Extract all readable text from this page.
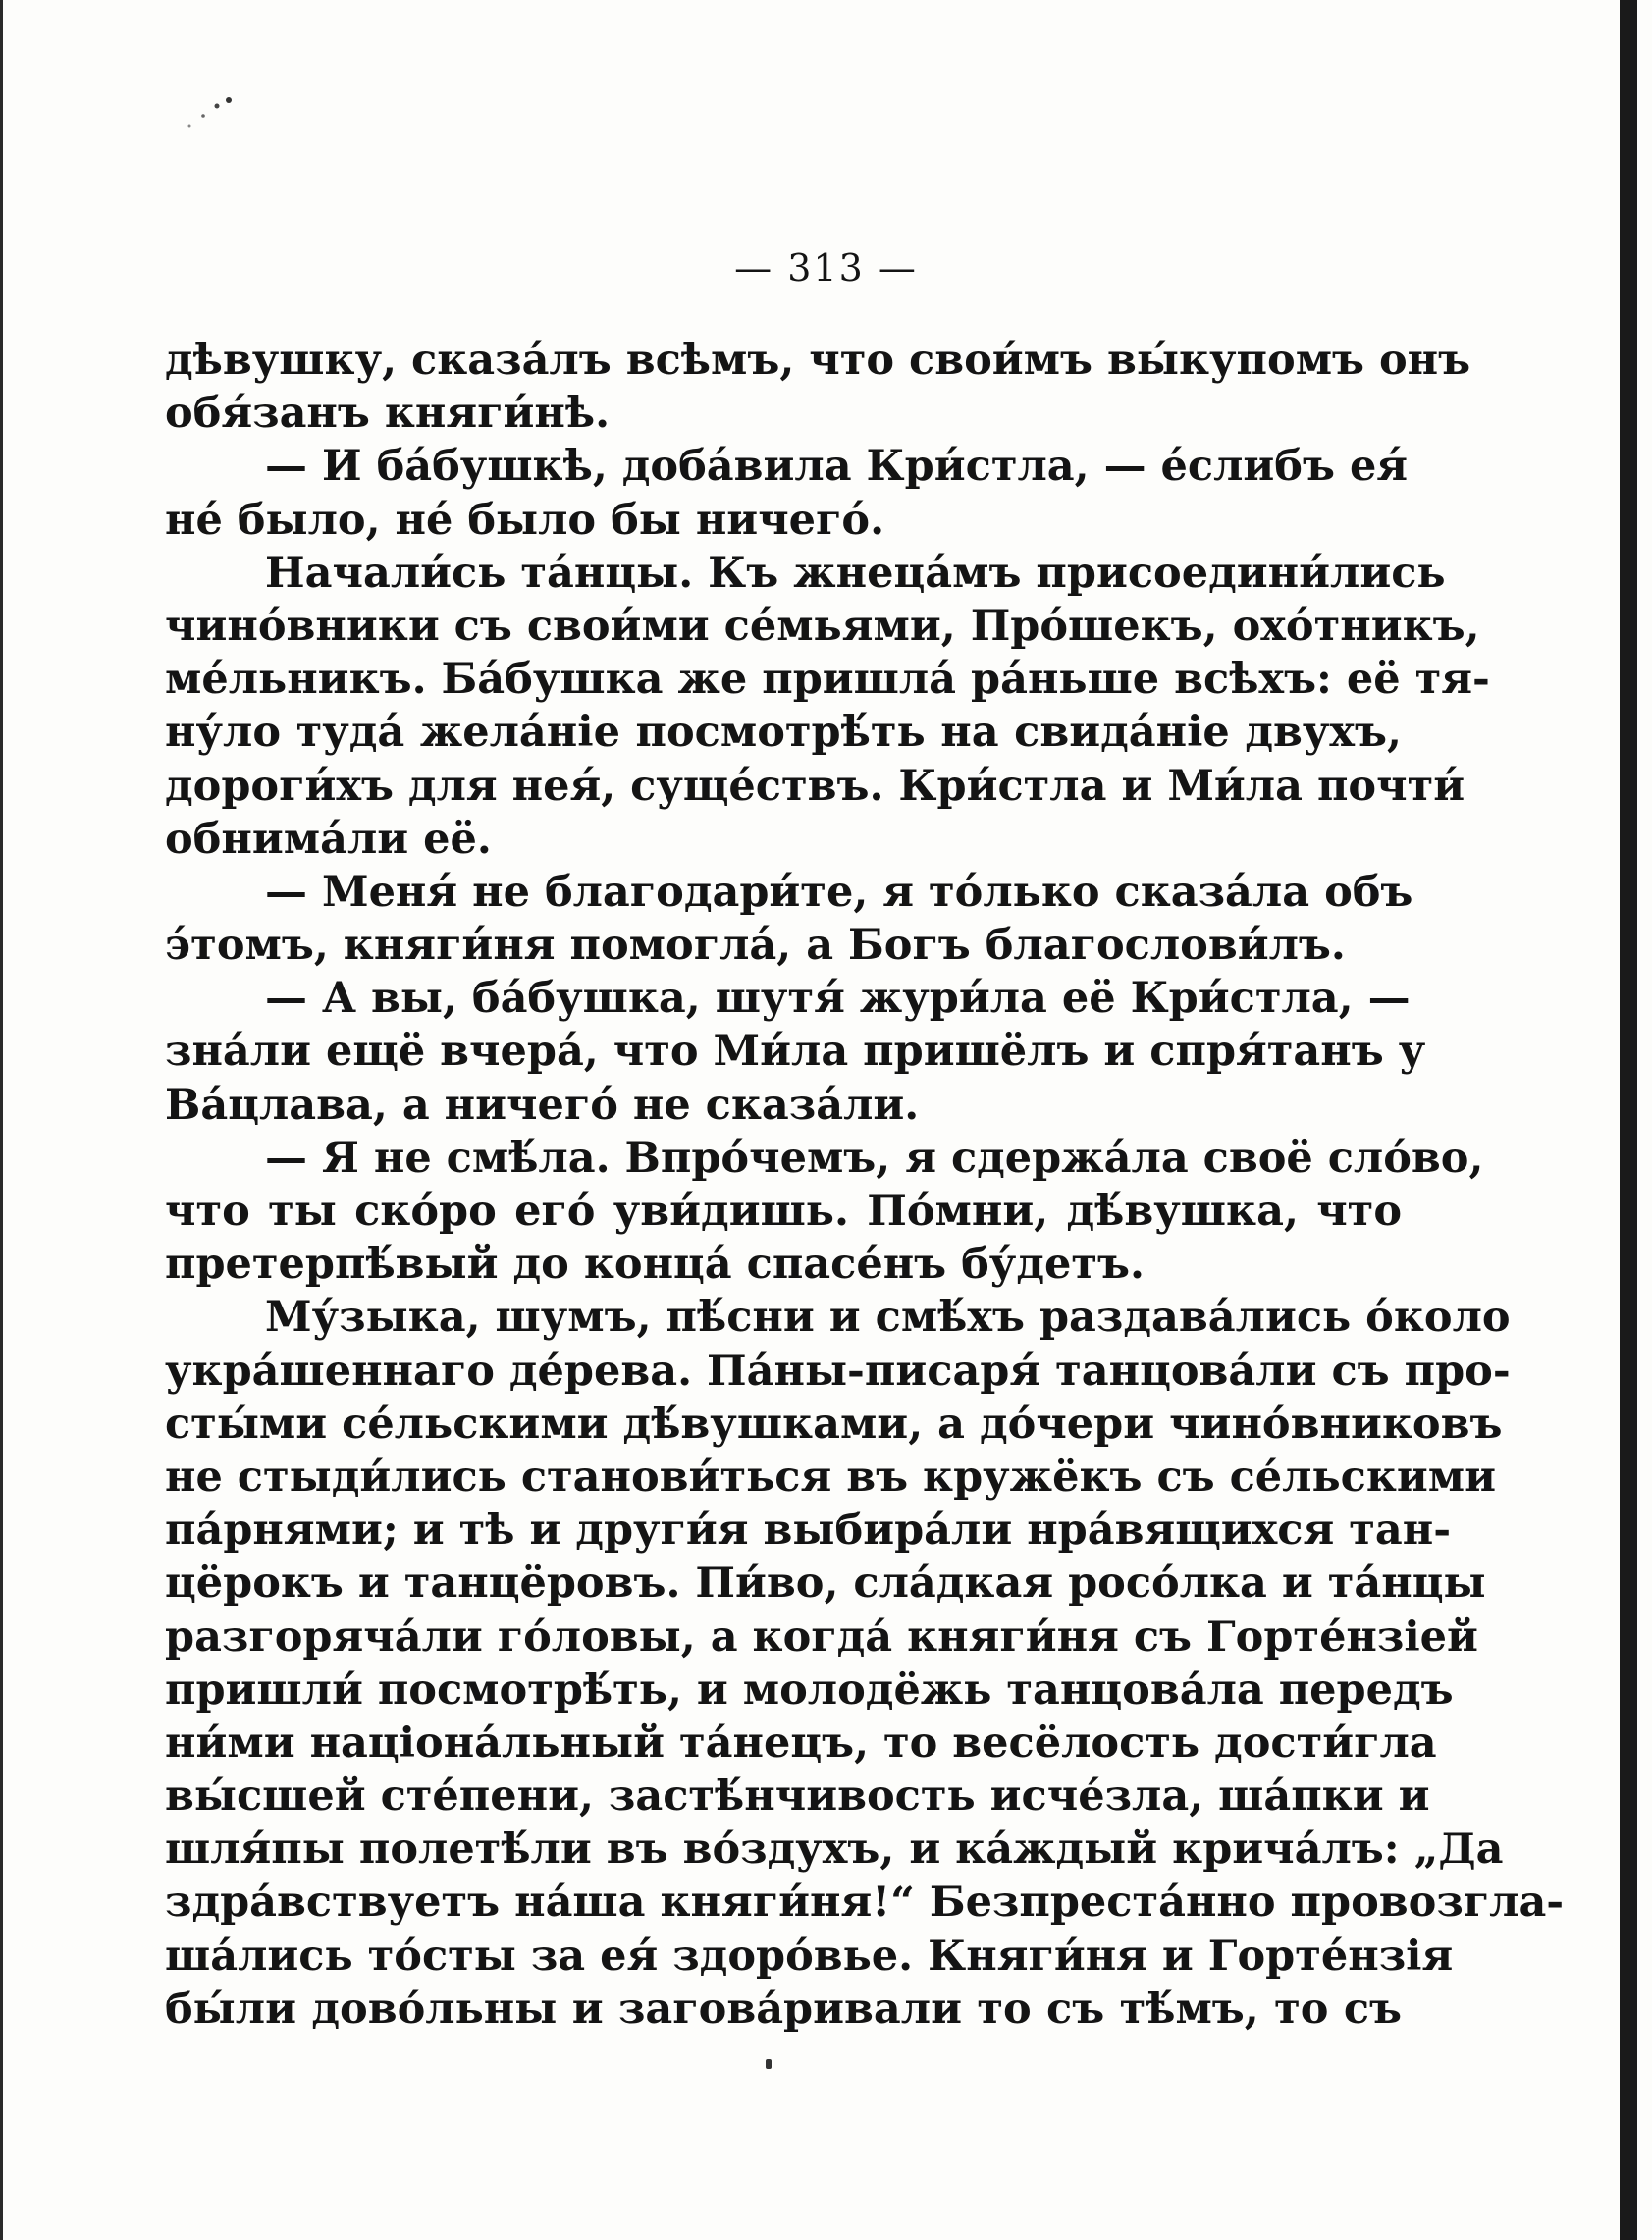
— 313 —
дѣвушку, сказа́лъ всѣмъ, что свои́мъ вы́купомъ онъ
обя́занъ княги́нѣ.
— И ба́бушкѣ, доба́вила Кри́стла, — е́слибъ ея́
не́ было, не́ было бы ничего́.
Начали́сь та́нцы. Къ жнеца́мъ присоедини́лись
чино́вники съ свои́ми се́мьями, Про́шекъ, охо́тникъ,
ме́льникъ. Ба́бушка же пришла́ ра́ньше всѣхъ: её тя-
ну́ло туда́ жела́нiе посмотрѣ́ть на свида́нiе двухъ,
дороги́хъ для нея́, суще́ствъ. Кри́стла и Ми́ла почти́
обнима́ли её.
— Меня́ не благодари́те, я то́лько сказа́ла объ
э́томъ, княги́ня помогла́, а Богъ благослови́лъ.
— А вы, ба́бушка, шутя́ жури́ла её Кри́стла, —
зна́ли ещё вчера́, что Ми́ла пришёлъ и спря́танъ у
Ва́цлава, а ничего́ не сказа́ли.
— Я не смѣ́ла. Впро́чемъ, я сдержа́ла своё сло́во,
что ты ско́ро его́ уви́дишь. По́мни, дѣ́вушка, что
претерпѣ́вый до конца́ спасе́нъ бу́детъ.
Му́зыка, шумъ, пѣ́сни и смѣ́хъ раздава́лись о́коло
укра́шеннаго де́рева. Па́ны-писаря́ танцова́ли съ про-
сты́ми се́льскими дѣ́вушками, а до́чери чино́вниковъ
не стыди́лись станови́ться въ кружёкъ съ се́льскими
па́рнями; и тѣ и други́я выбира́ли нра́вящихся тан-
цёрокъ и танцёровъ. Пи́во, сла́дкая росо́лка и та́нцы
разгоряча́ли го́ловы, а когда́ княги́ня съ Горте́нзiей
пришли́ посмотрѣ́ть, и молодёжь танцова́ла передъ
ни́ми нацiона́льный та́нецъ, то весёлость дости́гла
вы́сшей сте́пени, застѣ́нчивость исче́зла, ша́пки и
шля́пы полетѣ́ли въ во́здухъ, и ка́ждый крича́лъ: „Да
здра́вствуетъ на́ша княги́ня!“ Безпреста́нно провозгла-
ша́лись то́сты за ея́ здоро́вье. Княги́ня и Горте́нзiя
бы́ли дово́льны и загова́ривали то съ тѣ́мъ, то съ
